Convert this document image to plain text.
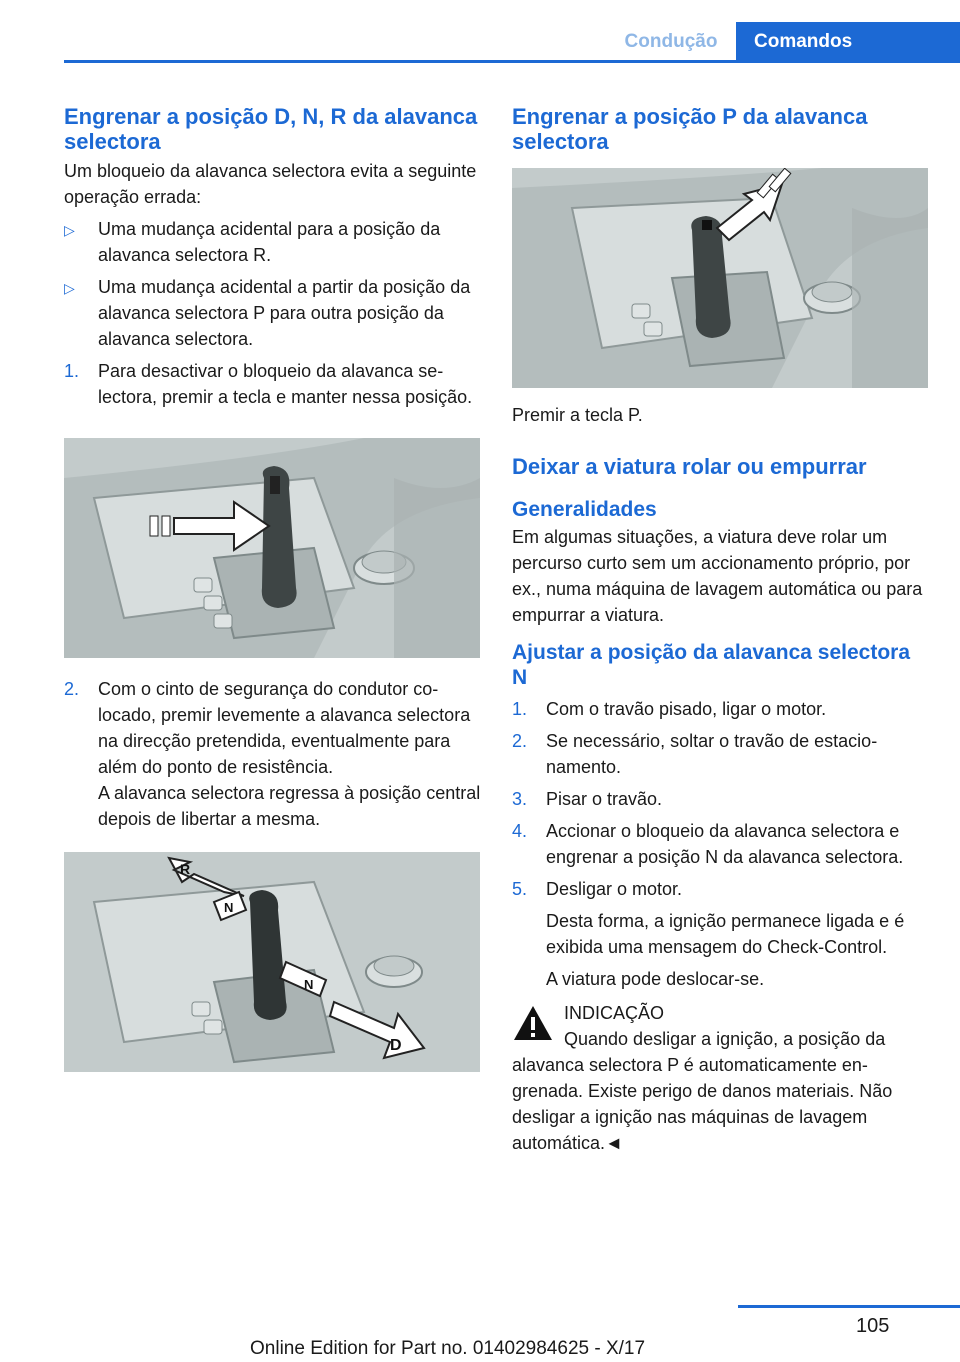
Condução	Comandos
Engrenar a posição D, N, R da alavanca selectora

Um bloqueio da alavanca selectora evita a seguinte operação errada:

▷ Uma mudança acidental para a posição da alavanca selectora R.
▷ Uma mudança acidental a partir da posição da alavanca selectora P para outra posição da alavanca selectora.
1. Para desactivar o bloqueio da alavanca selectora, premir a tecla e manter nessa posição.
2. Com o cinto de segurança do condutor colocado, premir levemente a alavanca selectora na direcção pretendida, eventualmente para além do ponto de resistência.
A alavanca selectora regressa à posição central depois de libertar a mesma.
R
N
N
D
Engrenar a posição P da alavanca selectora

Premir a tecla P.

Deixar a viatura rolar ou empurrar
Generalidades

Em algumas situações, a viatura deve rolar um percurso curto sem um accionamento próprio, por ex., numa máquina de lavagem automática ou para empurrar a viatura.

Ajustar a posição da alavanca selectora N
1. Com o travão pisado, ligar o motor.
2. Se necessário, soltar o travão de estacionamento.
3. Pisar o travão.
4. Accionar o bloqueio da alavanca selectora e engrenar a posição N da alavanca selectora.
5. Desligar o motor.
Desta forma, a ignição permanece ligada e é exibida uma mensagem do Check-Control.
A viatura pode deslocar-se.
INDICAÇÃO
Quando desligar a ignição, a posição da
alavanca selectora P é automaticamente engrenada. Existe perigo de danos materiais. Não desligar a ignição nas máquinas de lavagem automática.◄
105
Online Edition for Part no. 01402984625 - X/17
